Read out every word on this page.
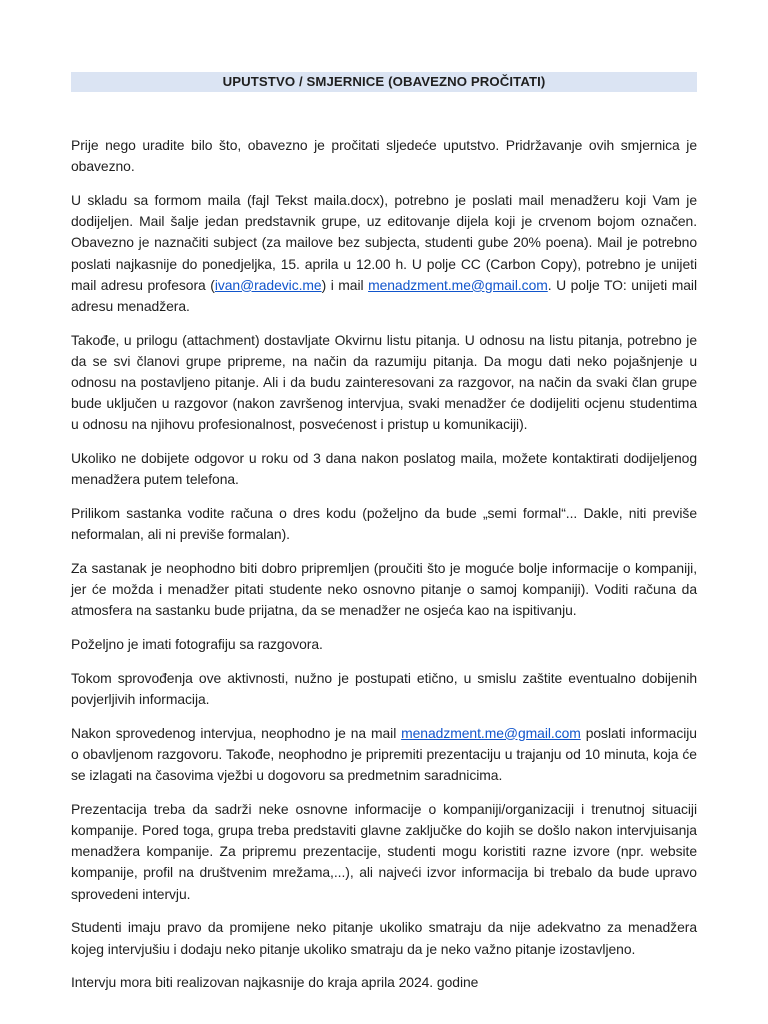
UPUTSTVO / SMJERNICE (OBAVEZNO PROČITATI)

Prije nego uradite bilo što, obavezno je pročitati sljedeće uputstvo. Pridržavanje ovih smjernica je obavezno.

U skladu sa formom maila (fajl Tekst maila.docx), potrebno je poslati mail menadžeru koji Vam je dodijeljen. Mail šalje jedan predstavnik grupe, uz editovanje dijela koji je crvenom bojom označen. Obavezno je naznačiti subject (za mailove bez subjecta, studenti gube 20% poena). Mail je potrebno poslati najkasnije do ponedjeljka, 15. aprila u 12.00 h. U polje CC (Carbon Copy), potrebno je unijeti mail adresu profesora (ivan@radevic.me) i mail menadzment.me@gmail.com. U polje TO: unijeti mail adresu menadžera.

Takođe, u prilogu (attachment) dostavljate Okvirnu listu pitanja. U odnosu na listu pitanja, potrebno je da se svi članovi grupe pripreme, na način da razumiju pitanja. Da mogu dati neko pojašnjenje u odnosu na postavljeno pitanje. Ali i da budu zainteresovani za razgovor, na način da svaki član grupe bude uključen u razgovor (nakon završenog intervjua, svaki menadžer će dodijeliti ocjenu studentima u odnosu na njihovu profesionalnost, posvećenost i pristup u komunikaciji).

Ukoliko ne dobijete odgovor u roku od 3 dana nakon poslatog maila, možete kontaktirati dodijeljenog menadžera putem telefona.

Prilikom sastanka vodite računa o dres kodu (poželjno da bude „semi formal“... Dakle, niti previše neformalan, ali ni previše formalan).

Za sastanak je neophodno biti dobro pripremljen (proučiti što je moguće bolje informacije o kompaniji, jer će možda i menadžer pitati studente neko osnovno pitanje o samoj kompaniji). Voditi računa da atmosfera na sastanku bude prijatna, da se menadžer ne osjeća kao na ispitivanju.

Poželjno je imati fotografiju sa razgovora.

Tokom sprovođenja ove aktivnosti, nužno je postupati etično, u smislu zaštite eventualno dobijenih povjerljivih informacija.

Nakon sprovedenog intervjua, neophodno je na mail menadzment.me@gmail.com poslati informaciju o obavljenom razgovoru. Takođe, neophodno je pripremiti prezentaciju u trajanju od 10 minuta, koja će se izlagati na časovima vježbi u dogovoru sa predmetnim saradnicima.

Prezentacija treba da sadrži neke osnovne informacije o kompaniji/organizaciji i trenutnoj situaciji kompanije. Pored toga, grupa treba predstaviti glavne zaključke do kojih se došlo nakon intervjuisanja menadžera kompanije. Za pripremu prezentacije, studenti mogu koristiti razne izvore (npr. website kompanije, profil na društvenim mrežama,...), ali najveći izvor informacija bi trebalo da bude upravo sprovedeni intervju.

Studenti imaju pravo da promijene neko pitanje ukoliko smatraju da nije adekvatno za menadžera kojeg intervjušiu i dodaju neko pitanje ukoliko smatraju da je neko važno pitanje izostavljeno.

Intervju mora biti realizovan najkasnije do kraja aprila 2024. godine
